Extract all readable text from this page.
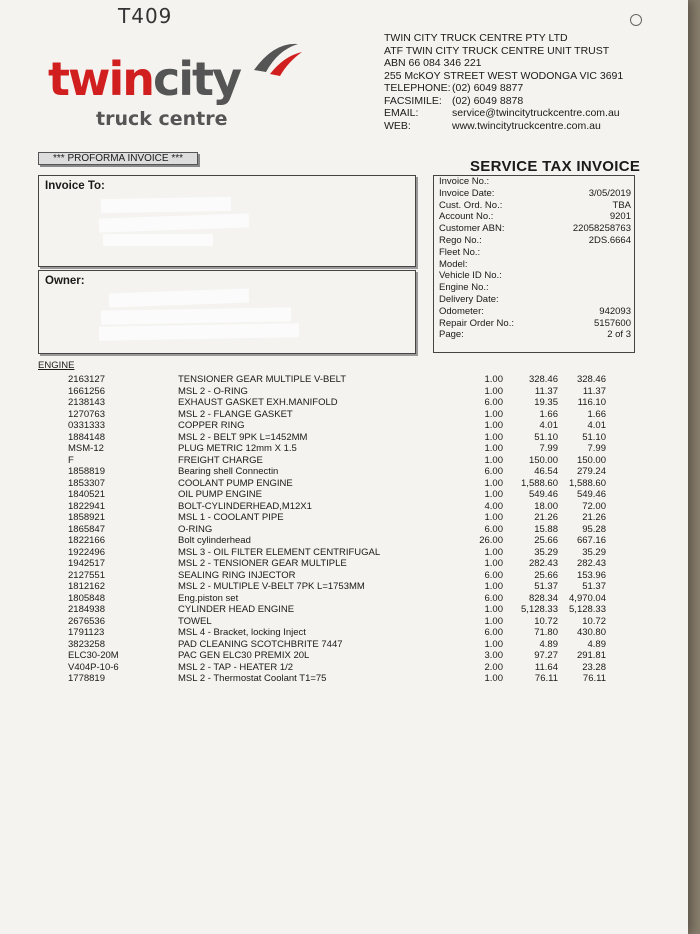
T409
twincity
truck centre
TWIN CITY TRUCK CENTRE PTY LTD
ATF TWIN CITY TRUCK CENTRE UNIT TRUST
ABN 66 084 346 221
255 McKOY STREET WEST WODONGA VIC 3691
TELEPHONE: (02) 6049 8877
FACSIMILE: (02) 6049 8878
EMAIL:	service@twincitytruckcentre.com.au
WEB:	www.twincitytruckcentre.com.au
*** PROFORMA INVOICE ***	SERVICE TAX INVOICE
Invoice To:
Owner:
Invoice No.:
Invoice Date:	3/05/2019
Cust. Ord. No.:	TBA
Account No.:	9201
Customer ABN:	22058258763
Rego No.:	2DS.6664
Fleet No.:
Model:
Vehicle ID No.:
Engine No.:
Delivery Date:
Odometer:	942093
Repair Order No.:	5157600
Page:	2 of 3
ENGINE
2163127	TENSIONER GEAR MULTIPLE V-BELT	1.00	328.46 328.46
1661256	MSL 2 - O-RING	1.00	11.37	11.37
2138143	EXHAUST GASKET EXH.MANIFOLD	6.00	19.35 116.10
1270763	MSL 2 - FLANGE GASKET	1.00	1.66	1.66
0331333	COPPER RING	1.00	4.01	4.01
1884148	MSL 2 - BELT 9PK L=1452MM	1.00	51.10	51.10
MSM-12	PLUG METRIC 12mm X 1.5	1.00	7.99	7.99
F	FREIGHT CHARGE	1.00	150.00 150.00
1858819	Bearing shell Connectin	6.00	46.54 279.24
1853307	COOLANT PUMP ENGINE	1.00 1,588.60 1,588.60
1840521	OIL PUMP ENGINE	1.00	549.46 549.46
1822941	BOLT-CYLINDERHEAD,M12X1	4.00	18.00	72.00
1858921	MSL 1 - COOLANT PIPE	1.00	21.26	21.26
1865847	O-RING	6.00	15.88	95.28
1822166	Bolt cylinderhead	26.00	25.66 667.16
1922496	MSL 3 - OIL FILTER ELEMENT CENTRIFUGAL	1.00	35.29	35.29
1942517	MSL 2 - TENSIONER GEAR MULTIPLE	1.00	282.43 282.43
2127551	SEALING RING INJECTOR	6.00	25.66 153.96
1812162	MSL 2 - MULTIPLE V-BELT 7PK L=1753MM	1.00	51.37	51.37
1805848	Eng.piston set	6.00	828.34 4,970.04
2184938	CYLINDER HEAD ENGINE	1.00 5,128.33 5,128.33
2676536	TOWEL	1.00	10.72	10.72
1791123	MSL 4 - Bracket, locking Inject	6.00	71.80 430.80
3823258	PAD CLEANING SCOTCHBRITE 7447	1.00	4.89	4.89
ELC30-20M	PAC GEN ELC30 PREMIX 20L	3.00	97.27 291.81
V404P-10-6	MSL 2 - TAP - HEATER 1/2	2.00	11.64	23.28
1778819	MSL 2 - Thermostat Coolant T1=75	1.00	76.11	76.11
